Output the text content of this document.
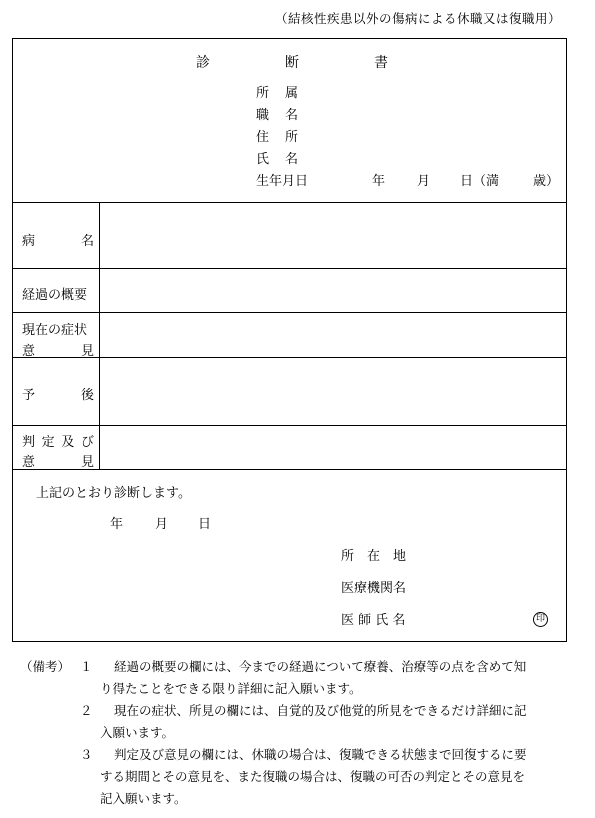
（結核性疾患以外の傷病による休職又は復職用）
診	断	書
所 属
職 名
住 所
氏 名
生年月日	年 月 日（満	歳）
病	名
経過の概要
現在の症状
意	見
予	後
判 定 及 び
意	見
上記のとおり診断します。
年 月 日
所　在　地
医療機関名
医 師 氏 名	印
（備考） １ 経過の概要の欄には、今までの経過について療養、治療等の点を含めて知
り得たことをできる限り詳細に記入願います。
２ 現在の症状、所見の欄には、自覚的及び他覚的所見をできるだけ詳細に記
入願います。
３ 判定及び意見の欄には、休職の場合は、復職できる状態まで回復するに要
する期間とその意見を、また復職の場合は、復職の可否の判定とその意見を
記入願います。
